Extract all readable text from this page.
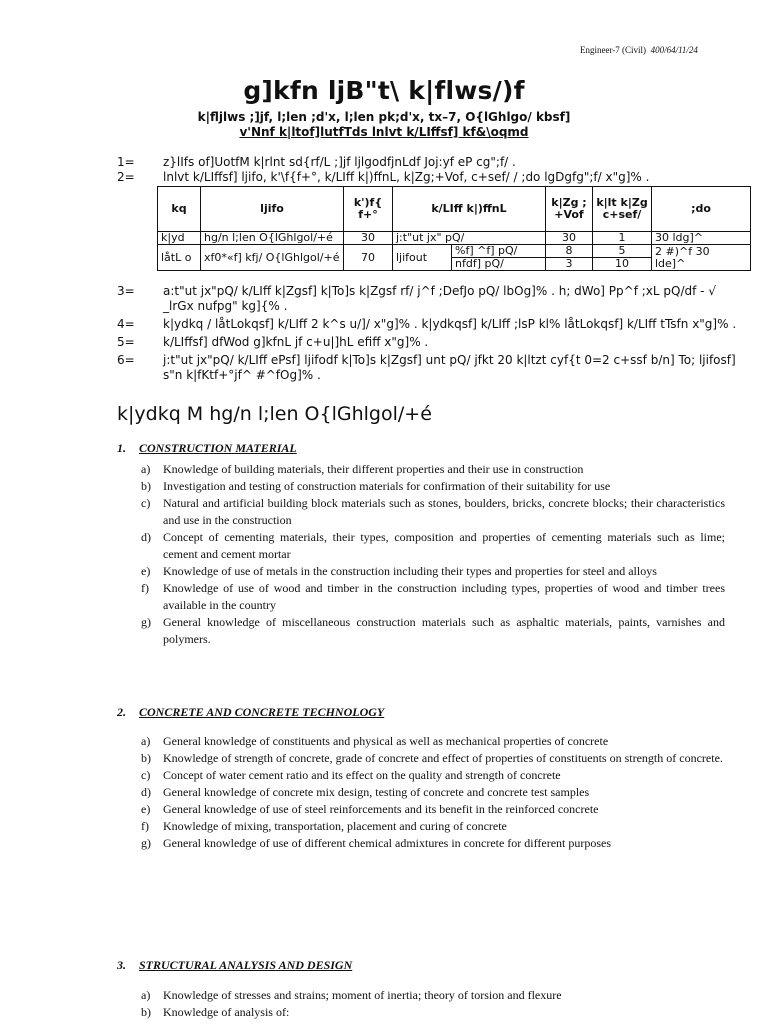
Engineer-7 (Civil) 400/64/11/24
g]kfn ljB"t\ k|flws/)f
k|fljlws ;]jf, l;len ;d'x, l;len pk;d'x, tx–7, O{lGhlgo/ kbsf]
v'Nnf k|ltof]lutfTds lnlvt k/LIffsf] kf&\oqmd
1= z}lIfs of]UotfM k|rlnt sd{rf/L ;]jf ljlgodfjnLdf Joj:yf eP cg";f/ .
2= lnlvt k/LIffsf] ljifo, k'\f{f+°, k/LIff k|)ffnL, k|Zg;+Vof, c+sef/ / ;do lgDgfg";f/ x"g]% .
kq	ljifo	k')f{ f+°	k/LIff k|)ffnL		k|Zg ; +Vof	k|lt k|Zg c+sef/	;do
k|yd	hg/n l;len O{lGhlgol/+é	30	j:t"ut jx" pQ/		30	1	30 ldg]^
låtL o	xf0*«f] kfj/ O{lGhlgol/+é	70	ljifout	%f] ^f] pQ/	8	5	2 #)^f 30
lde]^
				nfdf] pQ/	3	10	
3= a:t"ut jx"pQ/ k/LIff k|Zgsf] k|To]s k|Zgsf rf/ j^f ;DefJo pQ/ lbOg]% . h; dWo] Pp^f ;xL pQ/df - √ _lrGx nufpg" kg]{% .
4= k|ydkq / låtLokqsf] k/LIff 2 k^s u/]/ x"g]% . k|ydkqsf] k/LIff ;lsP kl% låtLokqsf] k/LIff tTsfn x"g]% .
5= k/LIffsf] dfWod g]kfnL jf c+u|]hL efiff x"g]% .
6= j:t"ut jx"pQ/ k/LIff ePsf] ljifodf k|To]s k|Zgsf] unt pQ/ jfkt 20 k|ltzt cyf{t 0=2 c+ssf b/n] To; ljifosf] s"n k|fKtf+°jf^ #^fOg]% .
k|ydkq M hg/n l;len O{lGhlgol/+é
1. CONSTRUCTION MATERIAL
a) Knowledge of building materials, their different properties and their use in construction
b) Investigation and testing of construction materials for confirmation of their suitability for use
c) Natural and artificial building block materials such as stones, boulders, bricks, concrete blocks; their characteristics and use in the construction
d) Concept of cementing materials, their types, composition and properties of cementing materials such as lime; cement and cement mortar
e) Knowledge of use of metals in the construction including their types and properties for steel and alloys
f) Knowledge of use of wood and timber in the construction including types, properties of wood and timber trees available in the country
g) General knowledge of miscellaneous construction materials such as asphaltic materials, paints, varnishes and polymers.
2. CONCRETE AND CONCRETE TECHNOLOGY
a) General knowledge of constituents and physical as well as mechanical properties of concrete
b) Knowledge of strength of concrete, grade of concrete and effect of properties of constituents on strength of concrete.
c) Concept of water cement ratio and its effect on the quality and strength of concrete
d) General knowledge of concrete mix design, testing of concrete and concrete test samples
e) General knowledge of use of steel reinforcements and its benefit in the reinforced concrete
f) Knowledge of mixing, transportation, placement and curing of concrete
g) General knowledge of use of different chemical admixtures in concrete for different purposes
3. STRUCTURAL ANALYSIS AND DESIGN
a) Knowledge of stresses and strains; moment of inertia; theory of torsion and flexure
b) Knowledge of analysis of:
